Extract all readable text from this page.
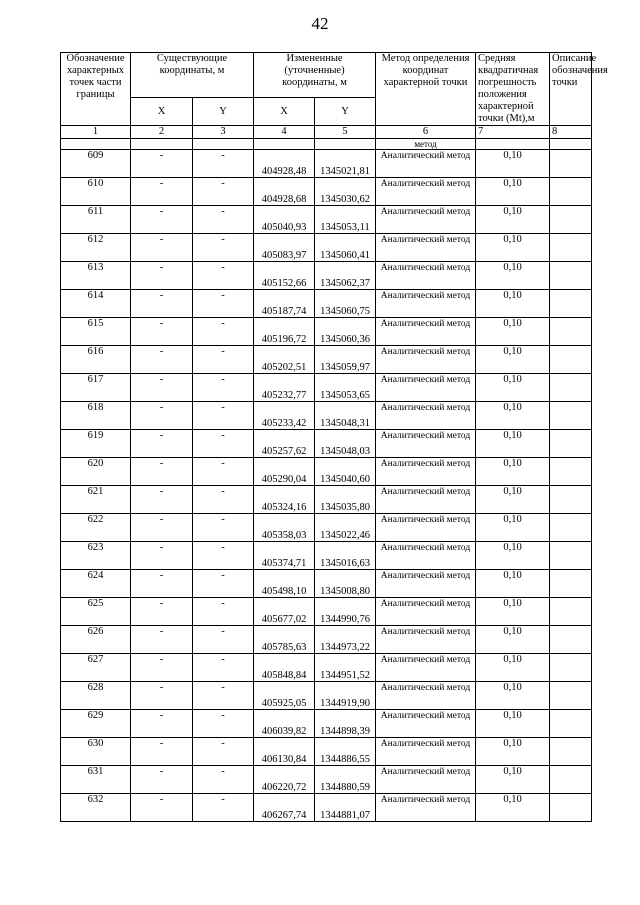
42
Обозначение характерных точек части границы	Существующие координаты, м		Измененные (уточненные) координаты, м		Метод определения координат характерной точки	Средняя квадратичная погрешность положения характерной точки (Mt),м	Описание обозначения точки
	X	Y	X	Y			
1	2	3	4	5	6	7	8
					метод		
609	-	-	404928,48	1345021,81	Аналитический метод	0,10	
610	-	-	404928,68	1345030,62	Аналитический метод	0,10	
611	-	-	405040,93	1345053,11	Аналитический метод	0,10	
612	-	-	405083,97	1345060,41	Аналитический метод	0,10	
613	-	-	405152,66	1345062,37	Аналитический метод	0,10	
614	-	-	405187,74	1345060,75	Аналитический метод	0,10	
615	-	-	405196,72	1345060,36	Аналитический метод	0,10	
616	-	-	405202,51	1345059,97	Аналитический метод	0,10	
617	-	-	405232,77	1345053,65	Аналитический метод	0,10	
618	-	-	405233,42	1345048,31	Аналитический метод	0,10	
619	-	-	405257,62	1345048,03	Аналитический метод	0,10	
620	-	-	405290,04	1345040,60	Аналитический метод	0,10	
621	-	-	405324,16	1345035,80	Аналитический метод	0,10	
622	-	-	405358,03	1345022,46	Аналитический метод	0,10	
623	-	-	405374,71	1345016,63	Аналитический метод	0,10	
624	-	-	405498,10	1345008,80	Аналитический метод	0,10	
625	-	-	405677,02	1344990,76	Аналитический метод	0,10	
626	-	-	405785,63	1344973,22	Аналитический метод	0,10	
627	-	-	405848,84	1344951,52	Аналитический метод	0,10	
628	-	-	405925,05	1344919,90	Аналитический метод	0,10	
629	-	-	406039,82	1344898,39	Аналитический метод	0,10	
630	-	-	406130,84	1344886,55	Аналитический метод	0,10	
631	-	-	406220,72	1344880,59	Аналитический метод	0,10	
632	-	-	406267,74	1344881,07	Аналитический метод	0,10	
